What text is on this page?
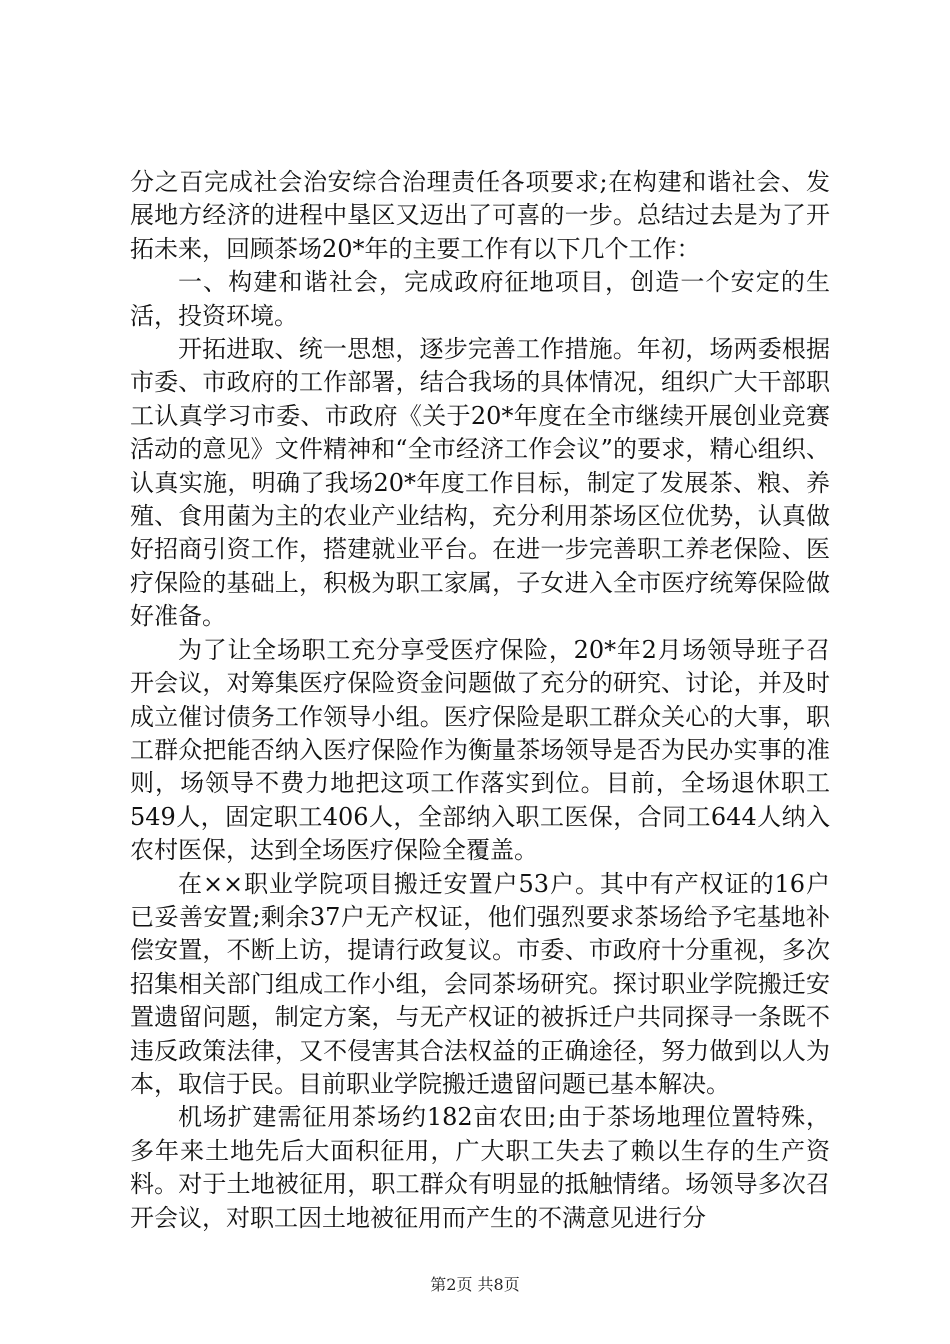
分之百完成社会治安综合治理责任各项要求;在构建和谐社会、发展地方经济的进程中垦区又迈出了可喜的一步。总结过去是为了开拓未来，回顾茶场20*年的主要工作有以下几个工作：

一、构建和谐社会，完成政府征地项目，创造一个安定的生活，投资环境。

开拓进取、统一思想，逐步完善工作措施。年初，场两委根据市委、市政府的工作部署，结合我场的具体情况，组织广大干部职工认真学习市委、市政府《关于20*年度在全市继续开展创业竞赛活动的意见》文件精神和“全市经济工作会议”的要求，精心组织、认真实施，明确了我场20*年度工作目标，制定了发展茶、粮、养殖、食用菌为主的农业产业结构，充分利用茶场区位优势，认真做好招商引资工作，搭建就业平台。在进一步完善职工养老保险、医疗保险的基础上，积极为职工家属，子女进入全市医疗统筹保险做好准备。

为了让全场职工充分享受医疗保险，20*年2月场领导班子召开会议，对筹集医疗保险资金问题做了充分的研究、讨论，并及时成立催讨债务工作领导小组。医疗保险是职工群众关心的大事，职工群众把能否纳入医疗保险作为衡量茶场领导是否为民办实事的准则，场领导不费力地把这项工作落实到位。目前，全场退休职工549人，固定职工406人，全部纳入职工医保，合同工644人纳入农村医保，达到全场医疗保险全覆盖。

在××职业学院项目搬迁安置户53户。其中有产权证的16户已妥善安置;剩余37户无产权证，他们强烈要求茶场给予宅基地补偿安置，不断上访，提请行政复议。市委、市政府十分重视，多次招集相关部门组成工作小组，会同茶场研究。探讨职业学院搬迁安置遗留问题，制定方案，与无产权证的被拆迁户共同探寻一条既不违反政策法律，又不侵害其合法权益的正确途径，努力做到以人为本，取信于民。目前职业学院搬迁遗留问题已基本解决。

机场扩建需征用茶场约182亩农田;由于茶场地理位置特殊，多年来土地先后大面积征用，广大职工失去了赖以生存的生产资料。对于土地被征用，职工群众有明显的抵触情绪。场领导多次召开会议，对职工因土地被征用而产生的不满意见进行分

第2页 共8页
